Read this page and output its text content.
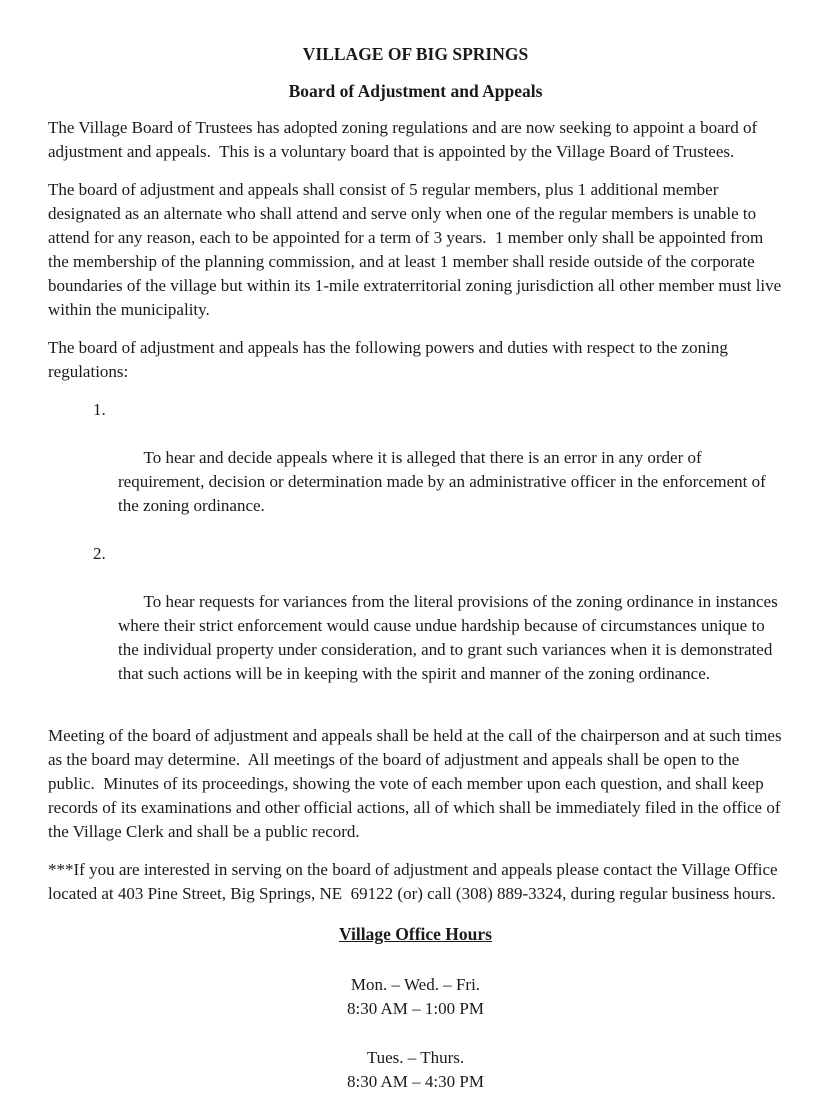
VILLAGE OF BIG SPRINGS
Board of Adjustment and Appeals

The Village Board of Trustees has adopted zoning regulations and are now seeking to appoint a board of adjustment and appeals.  This is a voluntary board that is appointed by the Village Board of Trustees.

The board of adjustment and appeals shall consist of 5 regular members, plus 1 additional member designated as an alternate who shall attend and serve only when one of the regular members is unable to attend for any reason, each to be appointed for a term of 3 years.  1 member only shall be appointed from the membership of the planning commission, and at least 1 member shall reside outside of the corporate boundaries of the village but within its 1-mile extraterritorial zoning jurisdiction all other member must live within the municipality.

The board of adjustment and appeals has the following powers and duties with respect to the zoning regulations:

1.

To hear and decide appeals where it is alleged that there is an error in any order of requirement, decision or determination made by an administrative officer in the enforcement of the zoning ordinance.

2.

To hear requests for variances from the literal provisions of the zoning ordinance in instances where their strict enforcement would cause undue hardship because of circumstances unique to the individual property under consideration, and to grant such variances when it is demonstrated that such actions will be in keeping with the spirit and manner of the zoning ordinance.

Meeting of the board of adjustment and appeals shall be held at the call of the chairperson and at such times as the board may determine.  All meetings of the board of adjustment and appeals shall be open to the public.  Minutes of its proceedings, showing the vote of each member upon each question, and shall keep records of its examinations and other official actions, all of which shall be immediately filed in the office of the Village Clerk and shall be a public record.

***If you are interested in serving on the board of adjustment and appeals please contact the Village Office located at 403 Pine Street, Big Springs, NE  69122 (or) call (308) 889-3324, during regular business hours.

Village Office Hours
Mon. – Wed. – Fri.
8:30 AM – 1:00 PM
Tues. – Thurs.
8:30 AM – 4:30 PM
